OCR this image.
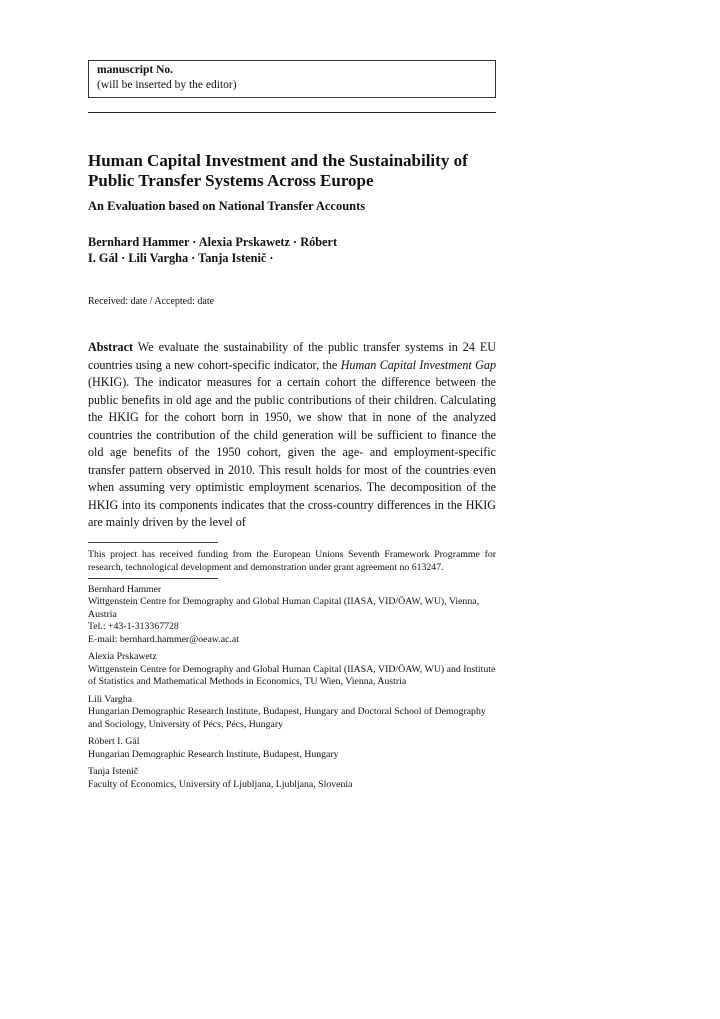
manuscript No.
(will be inserted by the editor)
Human Capital Investment and the Sustainability of Public Transfer Systems Across Europe
An Evaluation based on National Transfer Accounts
Bernhard Hammer · Alexia Prskawetz · Róbert I. Gál · Lili Vargha · Tanja Istenič ·
Received: date / Accepted: date

Abstract We evaluate the sustainability of the public transfer systems in 24 EU countries using a new cohort-specific indicator, the Human Capital Investment Gap (HKIG). The indicator measures for a certain cohort the difference between the public benefits in old age and the public contributions of their children. Calculating the HKIG for the cohort born in 1950, we show that in none of the analyzed countries the contribution of the child generation will be sufficient to finance the old age benefits of the 1950 cohort, given the age- and employment-specific transfer pattern observed in 2010. This result holds for most of the countries even when assuming very optimistic employment scenarios. The decomposition of the HKIG into its components indicates that the cross-country differences in the HKIG are mainly driven by the level of

This project has received funding from the European Unions Seventh Framework Programme for research, technological development and demonstration under grant agreement no 613247.

Bernhard Hammer
Wittgenstein Centre for Demography and Global Human Capital (IIASA, VID/ÖAW, WU), Vienna, Austria
Tel.: +43-1-313367728
E-mail: bernhard.hammer@oeaw.ac.at
Alexia Prskawetz
Wittgenstein Centre for Demography and Global Human Capital (IIASA, VID/ÖAW, WU) and Institute of Statistics and Mathematical Methods in Economics, TU Wien, Vienna, Austria
Lili Vargha
Hungarian Demographic Research Institute, Budapest, Hungary and Doctoral School of Demography and Sociology, University of Pécs, Pécs, Hungary
Róbert I. Gál
Hungarian Demographic Research Institute, Budapest, Hungary
Tanja Istenič
Faculty of Economics, University of Ljubljana, Ljubljana, Slovenia
